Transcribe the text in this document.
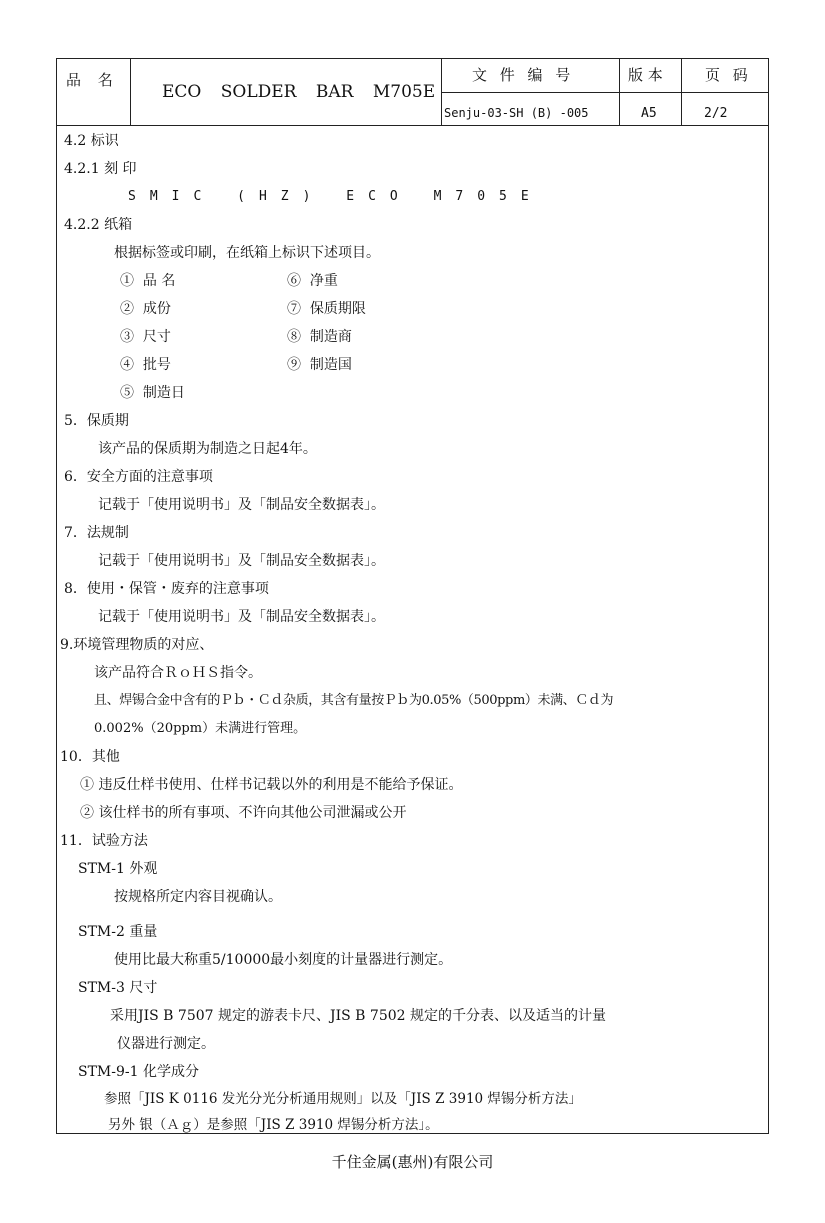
品 名
ECO SOLDER BAR M705E
文 件 编 号
Senju-03-SH (B) -005
版 本
A5
页 码
2/2
4.2 标识
4.2.1 刻 印
SMIC (HZ) ECO M705E
4.2.2 纸箱
根据标签或印刷，在纸箱上标识下述项目。
① 品 名
② 成份
③ 尺寸
④ 批号
⑤ 制造日
⑥ 净重
⑦ 保质期限
⑧ 制造商
⑨ 制造国
5．保质期
该产品的保质期为制造之日起4年。
6．安全方面的注意事项
记载于「使用说明书」及「制品安全数据表」。
7．法规制
记载于「使用说明书」及「制品安全数据表」。
8．使用・保管・废弃的注意事项
记载于「使用说明书」及「制品安全数据表」。
9.环境管理物质的对应、
该产品符合ＲｏＨＳ指令。
且、焊锡合金中含有的Ｐｂ・Ｃｄ杂质，其含有量按Ｐｂ为0.05%（500ppm）未满、Ｃｄ为
0.002%（20ppm）未满进行管理。
10．其他
① 违反仕样书使用、仕样书记载以外的利用是不能给予保证。
② 该仕样书的所有事项、不许向其他公司泄漏或公开
11．试验方法
STM-1 外观
按规格所定内容目视确认。
STM-2 重量
使用比最大称重5/10000最小刻度的计量器进行测定。
STM-3 尺寸
采用JIS B 7507 规定的游表卡尺、JIS B 7502 规定的千分表、以及适当的计量
仪器进行测定。
STM-9-1 化学成分
参照「JIS K 0116 发光分光分析通用规则」以及「JIS Z 3910 焊锡分析方法」
另外 银（Ａｇ）是参照「JIS Z 3910 焊锡分析方法」。
千住金属(惠州)有限公司
